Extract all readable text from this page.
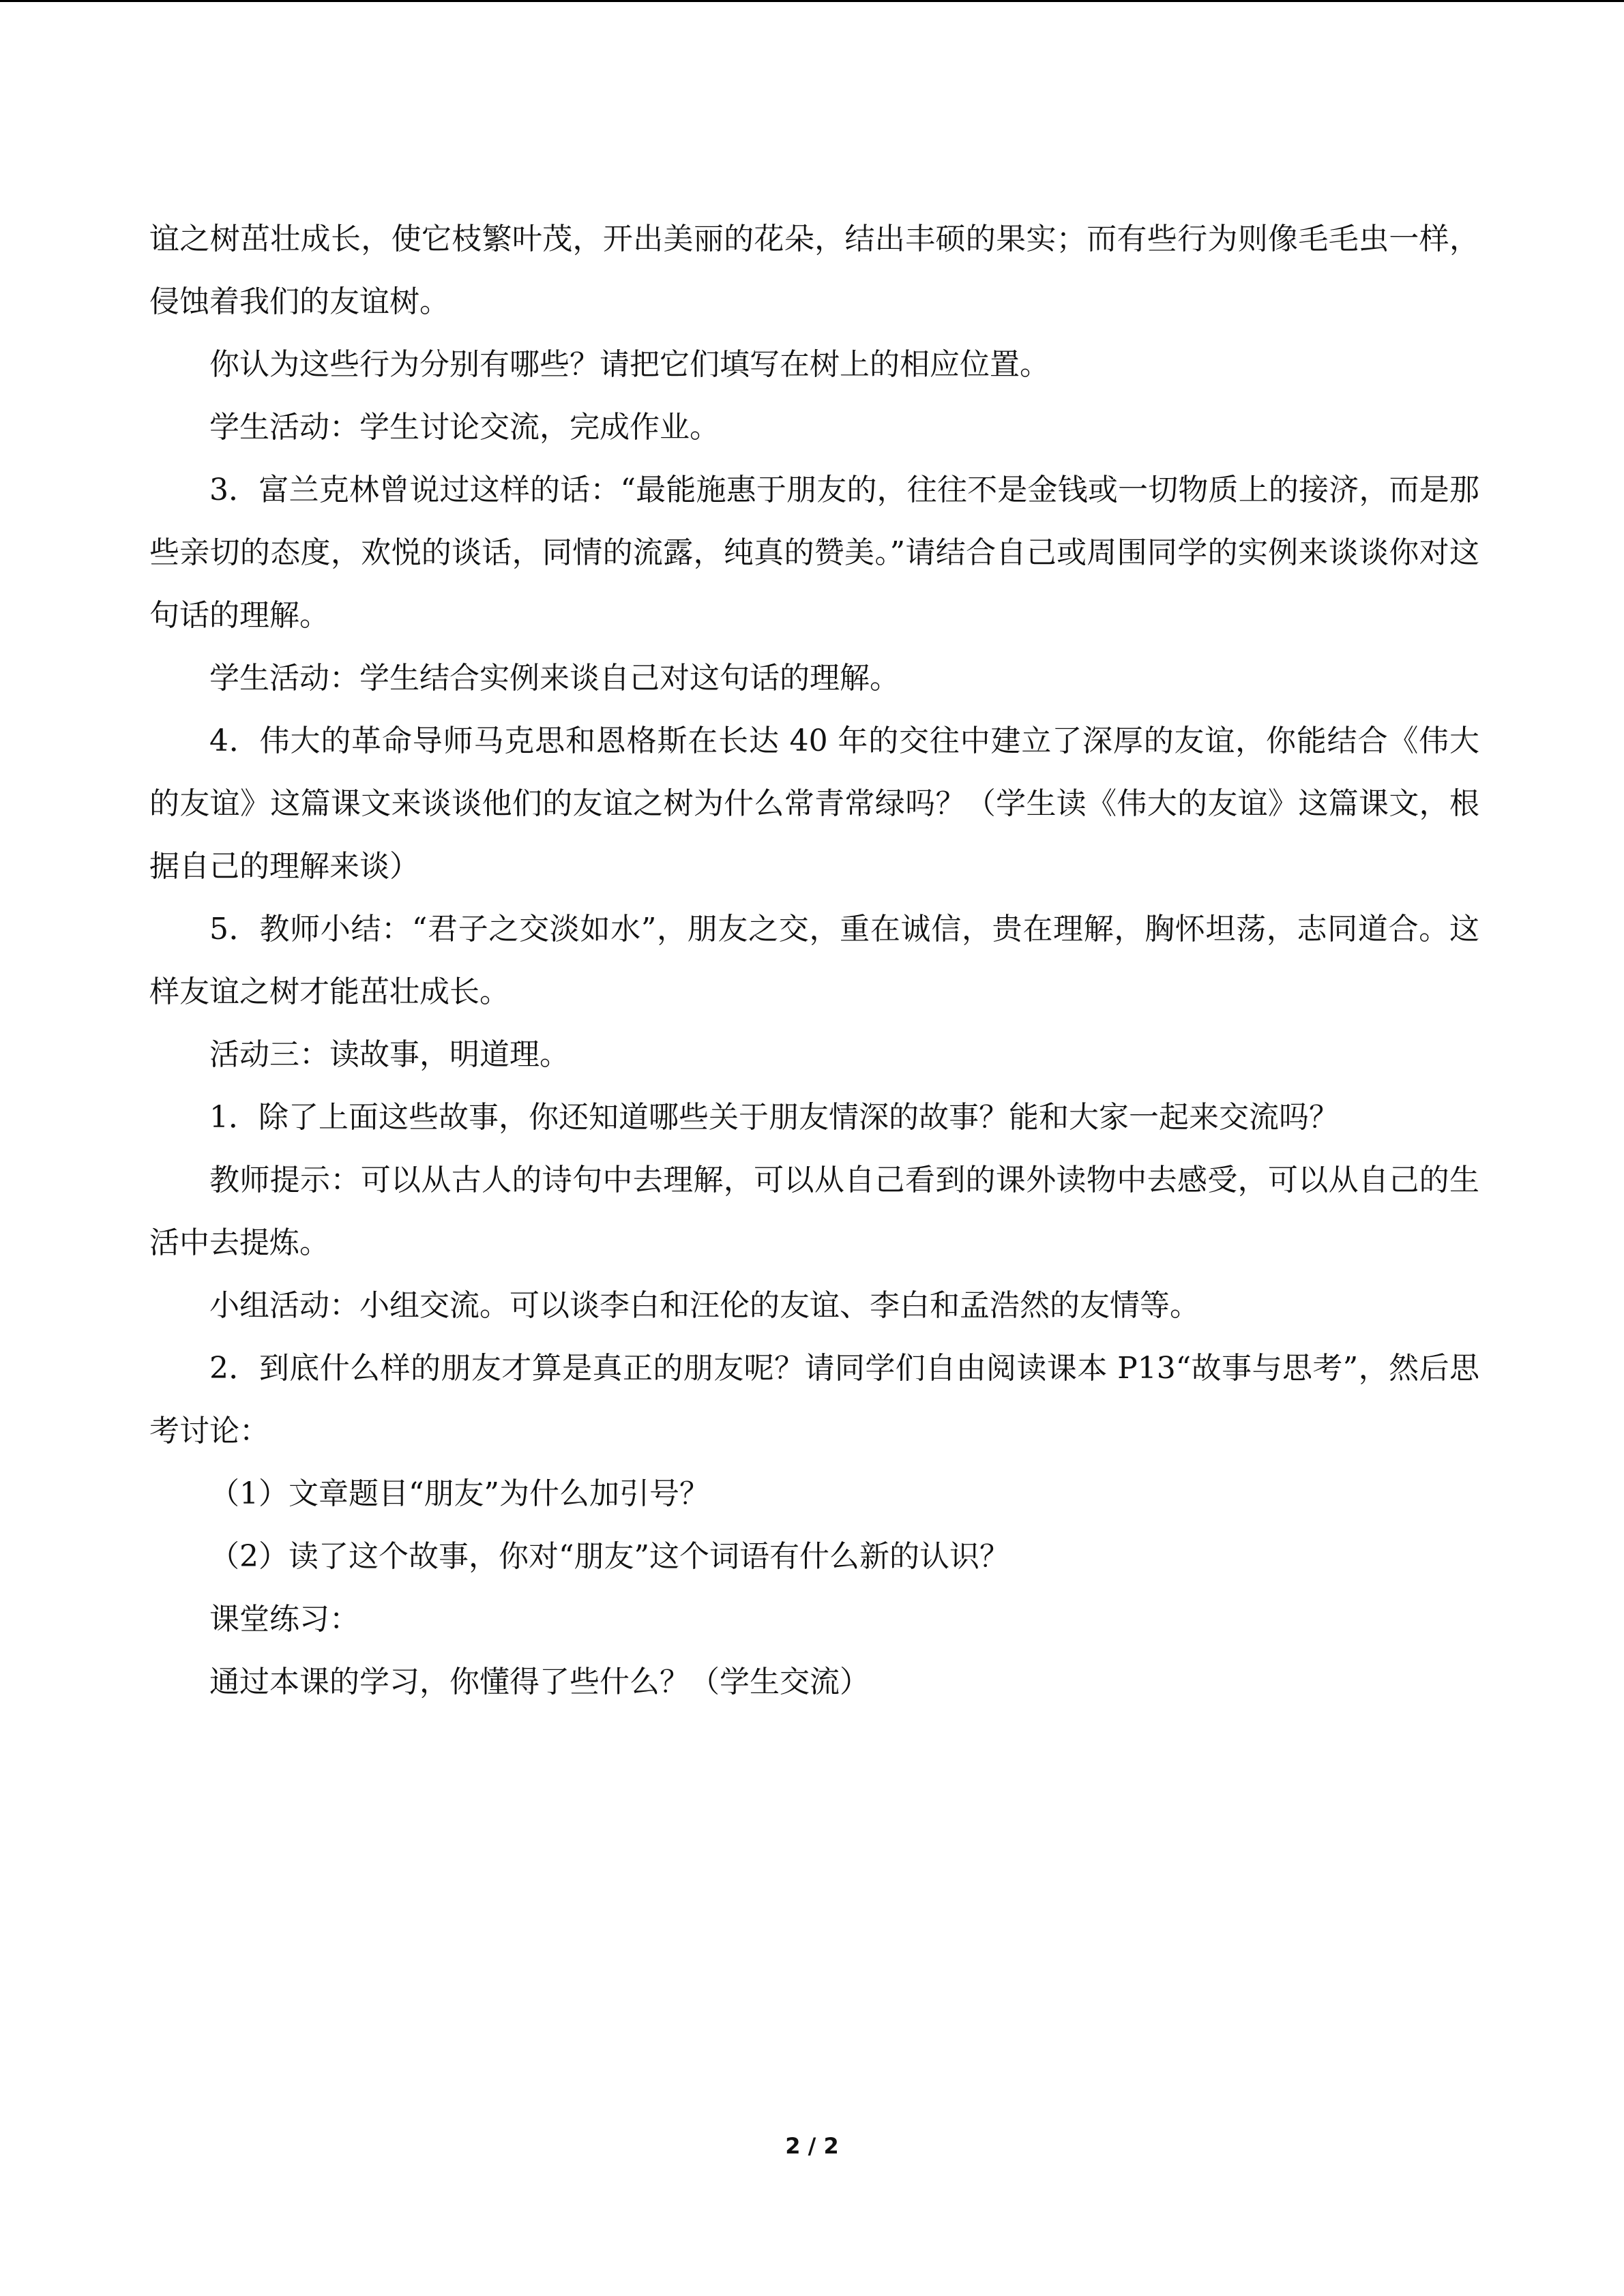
谊之树茁壮成长，使它枝繁叶茂，开出美丽的花朵，结出丰硕的果实；而有些行为则像毛毛虫一样，侵蚀着我们的友谊树。

你认为这些行为分别有哪些？请把它们填写在树上的相应位置。

学生活动：学生讨论交流，完成作业。

3．富兰克林曾说过这样的话：“最能施惠于朋友的，往往不是金钱或一切物质上的接济，而是那些亲切的态度，欢悦的谈话，同情的流露，纯真的赞美。”请结合自己或周围同学的实例来谈谈你对这句话的理解。

学生活动：学生结合实例来谈自己对这句话的理解。

4．伟大的革命导师马克思和恩格斯在长达 40 年的交往中建立了深厚的友谊，你能结合《伟大的友谊》这篇课文来谈谈他们的友谊之树为什么常青常绿吗？（学生读《伟大的友谊》这篇课文，根据自己的理解来谈）

5．教师小结：“君子之交淡如水”，朋友之交，重在诚信，贵在理解，胸怀坦荡，志同道合。这样友谊之树才能茁壮成长。

活动三：读故事，明道理。

1．除了上面这些故事，你还知道哪些关于朋友情深的故事？能和大家一起来交流吗？

教师提示：可以从古人的诗句中去理解，可以从自己看到的课外读物中去感受，可以从自己的生活中去提炼。

小组活动：小组交流。可以谈李白和汪伦的友谊、李白和孟浩然的友情等。

2．到底什么样的朋友才算是真正的朋友呢？请同学们自由阅读课本 P13“故事与思考”，然后思考讨论：

（1）文章题目“朋友”为什么加引号？

（2）读了这个故事，你对“朋友”这个词语有什么新的认识？

课堂练习：

通过本课的学习，你懂得了些什么？（学生交流）

2 / 2
